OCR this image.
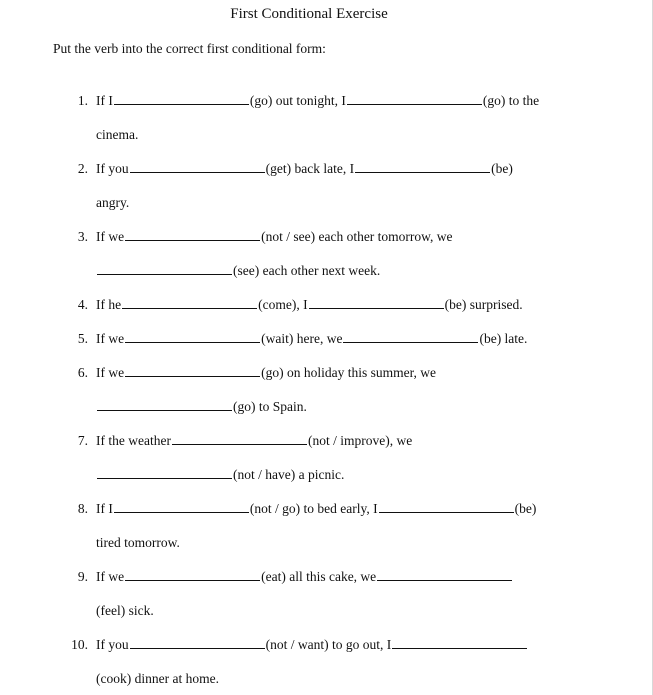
First Conditional Exercise
Put the verb into the correct first conditional form:
1. If I	(go) out tonight, I	(go) to the
cinema.
2. If you	(get) back late, I	(be)
angry.
3. If we	(not / see) each other tomorrow, we
(see) each other next week.
4. If he	(come), I	(be) surprised.
5. If we	(wait) here, we	(be) late.
6. If we	(go) on holiday this summer, we
(go) to Spain.
7. If the weather	(not / improve), we
(not / have) a picnic.
8. If I	(not / go) to bed early, I	(be)
tired tomorrow.
9. If we	(eat) all this cake, we
(feel) sick.
10. If you	(not / want) to go out, I
(cook) dinner at home.
